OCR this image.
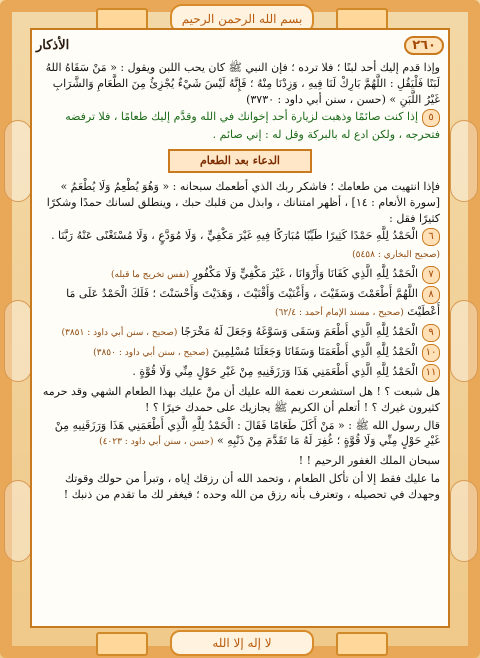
بسم الله الرحمن الرحيم
٢٦٠
الأذكار

وإذا قدم إليك أحد لبنًا ؛ فلا ترده ؛ فإن النبي ﷺ كان يحب اللبن ويقول : « مَنْ سَقَاهُ اللهُ لَبَنًا فَلْيَقُلِ : اللَّهُمَّ بَارِكْ لَنَا فِيهِ ، وَزِدْنَا مِنْهُ ؛ فَإِنَّهُ لَيْسَ شَيْءٌ يُجْزِئُ مِنَ الطَّعَامِ وَالشَّرَابِ غَيْرُ اللَّبَنِ » (حسن ، سنن أبي داود : ٣٧٣٠)

٥إذا كنت صائمًا وذهبت لزيارة أحد إخوانك في الله وقدَّم إليك طعامًا ، فلا ترفضه فتحرجه ، ولكن ادع له بالبركة وقل له : إني صائم .

الدعاء بعد الطعام

فإذا انتهيت من طعامك ؛ فاشكر ربك الذي أطعمك سبحانه : « وَهُوَ يُطْعِمُ وَلَا يُطْعَمُ » [سورة الأنعام : ١٤] ، أظهر امتنانك ، وابذل من قلبك حبك ، وينطلق لسانك حمدًا وشكرًا كثيرًا فقل :

٦الْحَمْدُ لِلَّهِ حَمْدًا كَثِيرًا طَيِّبًا مُبَارَكًا فِيهِ غَيْرَ مَكْفِيٍّ ، وَلَا مُوَدَّعٍ ، وَلَا مُسْتَغْنًى عَنْهُ رَبَّنَا . (صحيح البخاري : ٥٤٥٨)

٧الْحَمْدُ لِلَّهِ الَّذِي كَفَانَا وَأَرْوَانَا ، غَيْرَ مَكْفِيٍّ وَلَا مَكْفُورٍ (نفس تخريج ما قبله)

٨اللَّهُمَّ أَطْعَمْتَ وَسَقَيْتَ ، وَأَغْنَيْتَ وَأَقْنَيْتَ ، وَهَدَيْتَ وَأَحْسَنْتَ ؛ فَلَكَ الْحَمْدُ عَلَى مَا أَعْطَيْتَ (صحيح ، مسند الإمام أحمد : ٦٢/٤)

٩الْحَمْدُ لِلَّهِ الَّذِي أَطْعَمَ وَسَقَى وَسَوَّغَهُ وَجَعَلَ لَهُ مَخْرَجًا (صحيح ، سنن أبي داود : ٣٨٥١)

١٠الْحَمْدُ لِلَّهِ الَّذِي أَطْعَمَنَا وَسَقَانَا وَجَعَلَنَا مُسْلِمِينَ (صحيح ، سنن أبي داود : ٣٨٥٠)

١١الْحَمْدُ لِلَّهِ الَّذِي أَطْعَمَنِي هَذَا وَرَزَقَنِيهِ مِنْ غَيْرِ حَوْلٍ مِنِّي وَلَا قُوَّةٍ .

هل شبعت ؟ ! هل استشعرت نعمة الله عليك أن منَّ عليك بهذا الطعام الشهي وقد حرمه كثيرون غيرك ؟ ! أتعلم أن الكريم ﷺ يجازيك على حمدك خيرًا ؟ !

قال رسول الله ﷺ : « مَنْ أَكَلَ طَعَامًا فَقَالَ : الْحَمْدُ لِلَّهِ الَّذِي أَطْعَمَنِي هَذَا وَرَزَقَنِيهِ مِنْ غَيْرِ حَوْلٍ مِنِّي وَلَا قُوَّةٍ ؛ غُفِرَ لَهُ مَا تَقَدَّمَ مِنْ ذَنْبِهِ » (حسن ، سنن أبي داود : ٤٠٢٣)

سبحان الملك الغفور الرحيم ! !

ما عليك فقط إلا أن تأكل الطعام ، وتحمد الله أن رزقك إياه ، وتبرأ من حولك وقوتك وجهدك في تحصيله ، وتعترف بأنه رزق من الله وحده ؛ فيغفر لك ما تقدم من ذنبك !

لا إله إلا الله
